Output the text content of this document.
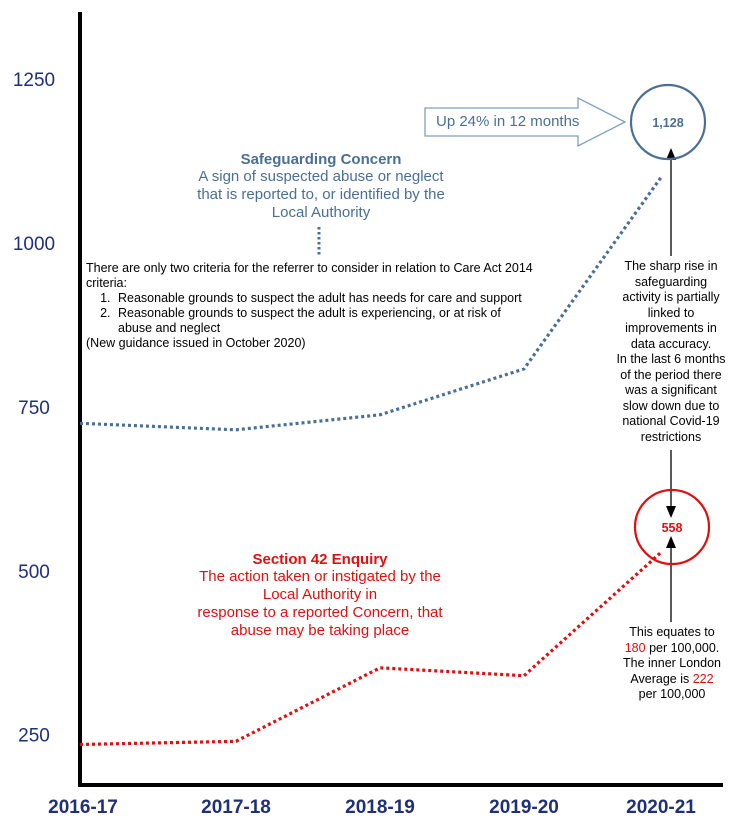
250
500
750
1000
1250
2016-17	2017-18	2018-19	2019-20	2020-21
1,128
558
Up 24% in 12 months
Safeguarding Concern
A sign of suspected abuse or neglect
that is reported to, or identified by the
Local Authority
There are only two criteria for the referrer to consider in relation to Care Act 2014 criteria:
1. Reasonable grounds to suspect the adult has needs for care and support
2. Reasonable grounds to suspect the adult is experiencing, or at risk of abuse and neglect
(New guidance issued in October 2020)
The sharp rise in
safeguarding
activity is partially
linked to
improvements in
data accuracy.
In the last 6 months
of the period there
was a significant
slow down due to
national Covid-19
restrictions
Section 42 Enquiry
The action taken or instigated by the
Local Authority in
response to a reported Concern, that
abuse may be taking place	This equates to
180 per 100,000.
The inner London
Average is 222
per 100,000
